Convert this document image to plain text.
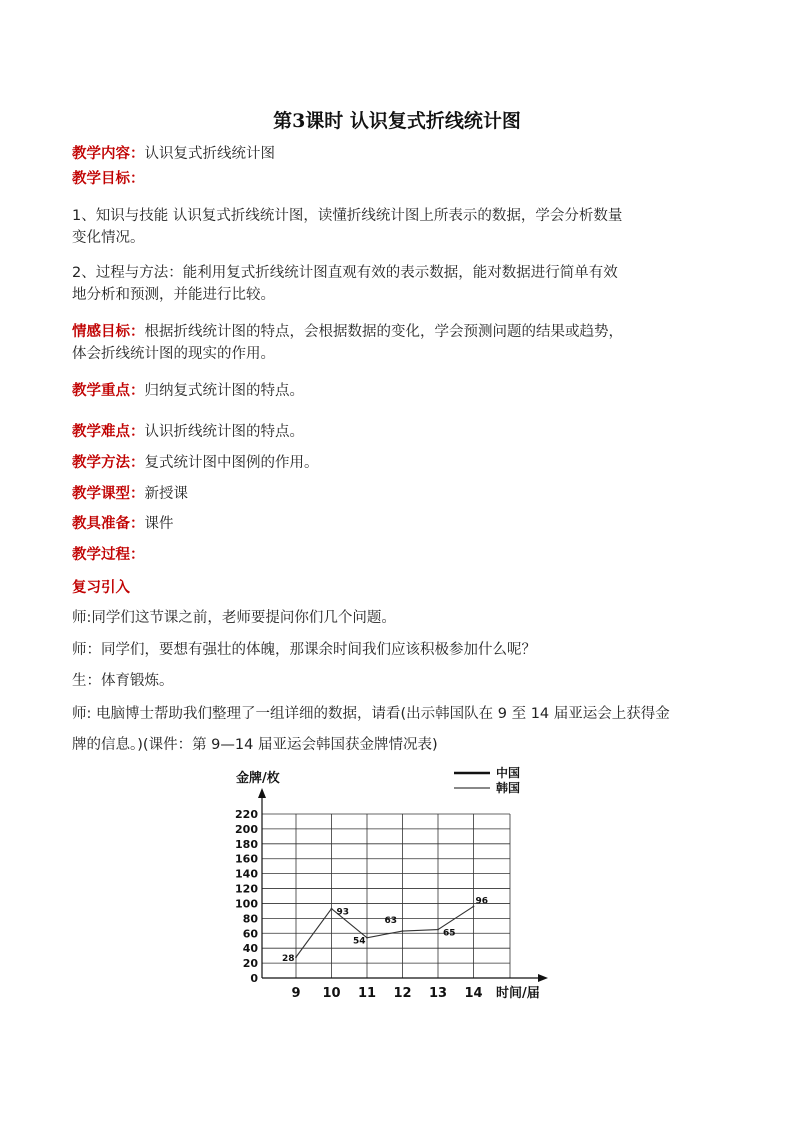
第3课时 认识复式折线统计图
教学内容：认识复式折线统计图
教学目标：
1、知识与技能 认识复式折线统计图，读懂折线统计图上所表示的数据，学会分析数量
变化情况。
2、过程与方法：能利用复式折线统计图直观有效的表示数据，能对数据进行简单有效
地分析和预测，并能进行比较。
情感目标：根据折线统计图的特点，会根据数据的变化，学会预测问题的结果或趋势，
体会折线统计图的现实的作用。
教学重点：归纳复式统计图的特点。
教学难点：认识折线统计图的特点。
教学方法：复式统计图中图例的作用。
教学课型：新授课
教具准备：课件
教学过程：
复习引入
师:同学们这节课之前，老师要提问你们几个问题。
师：同学们，要想有强壮的体魄，那课余时间我们应该积极参加什么呢？
生：体育锻炼。
师: 电脑博士帮助我们整理了一组详细的数据，请看(出示韩国队在 9 至 14 届亚运会上获得金
牌的信息。)(课件：第 9—14 届亚运会韩国获金牌情况表)
金牌/枚
时间/届
0
20
40
60
80
100
120
140
160
180
200
220
9 10 11 12 13 14
28
93
54
63
65
96
中国
韩国
